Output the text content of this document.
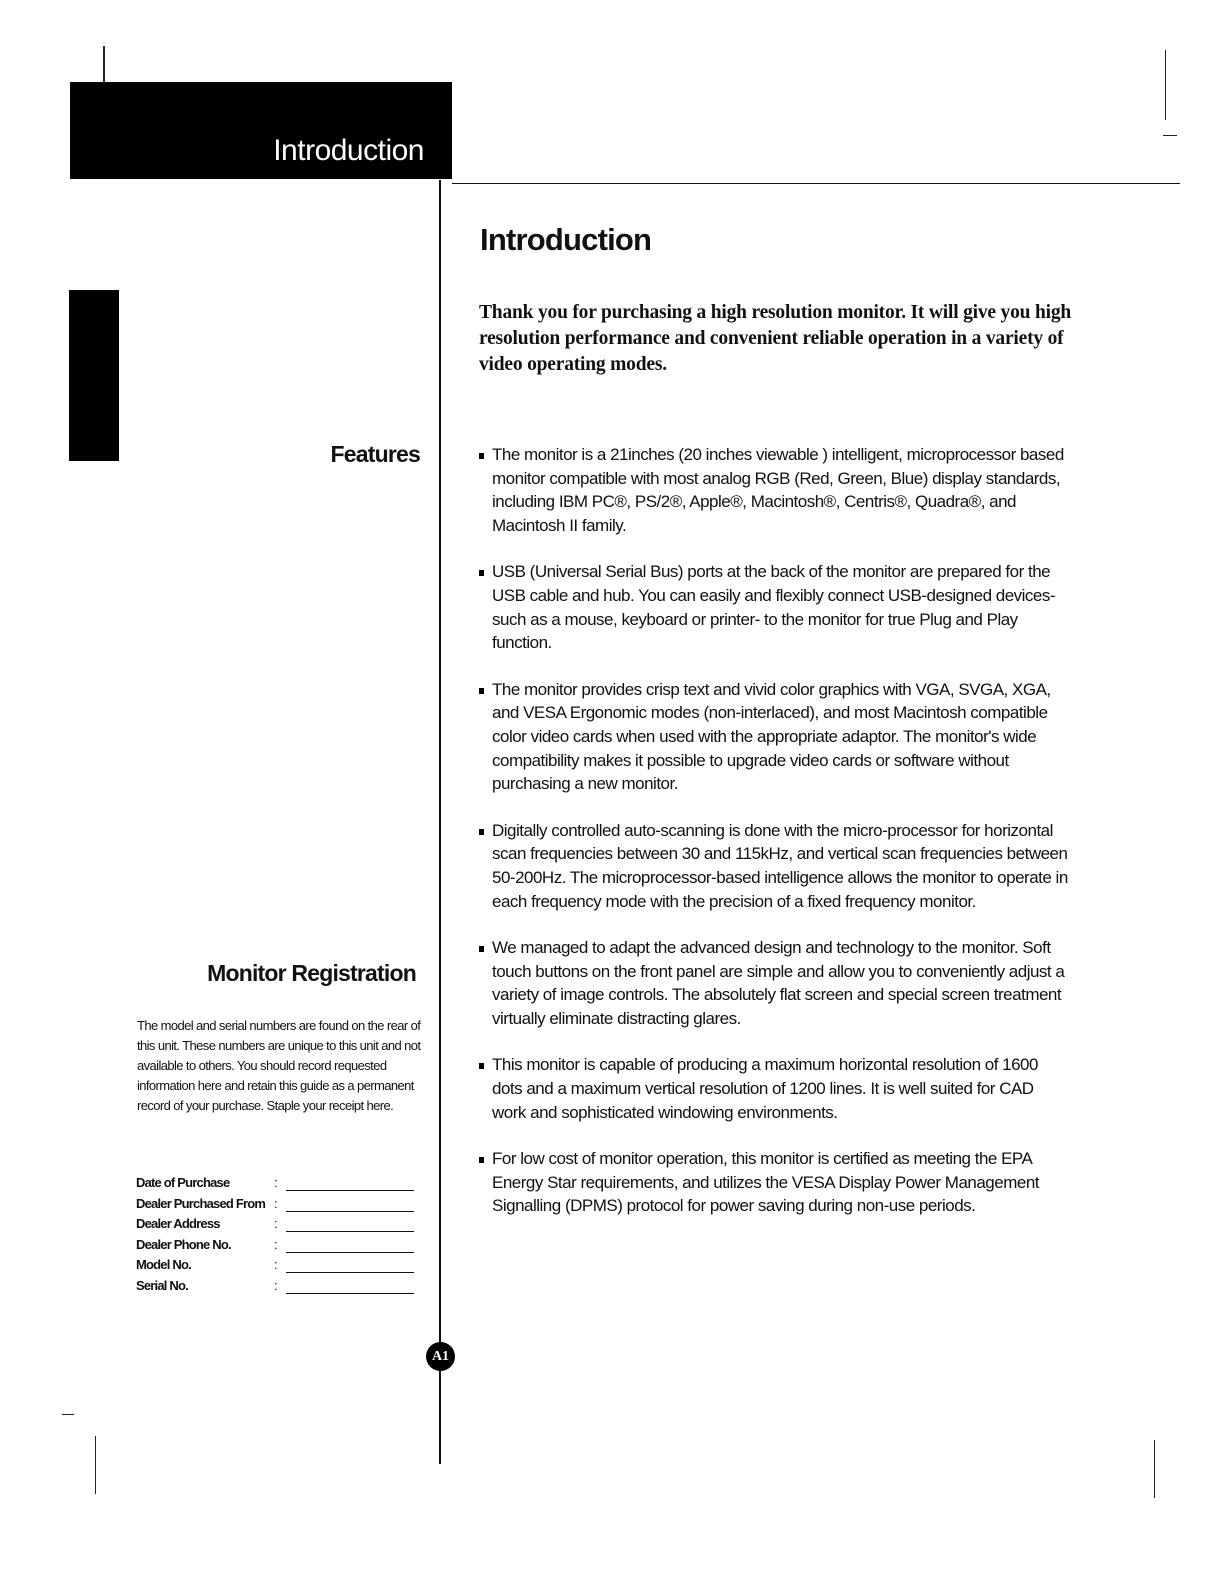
Introduction
Introduction
Thank you for purchasing a high resolution monitor. It will give you high resolution performance and convenient reliable operation in a variety of video operating modes.
Features	The monitor is a 21inches (20 inches viewable ) intelligent, microprocessor based monitor compatible with most analog RGB (Red, Green, Blue) display standards, including IBM PC®, PS/2®, Apple®, Macintosh®, Centris®, Quadra®, and Macintosh II family.
USB (Universal Serial Bus) ports at the back of the monitor are prepared for the USB cable and hub. You can easily and flexibly connect USB-designed devices-such as a mouse, keyboard or printer- to the monitor for true Plug and Play function.
The monitor provides crisp text and vivid color graphics with VGA, SVGA, XGA, and VESA Ergonomic modes (non-interlaced), and most Macintosh compatible color video cards when used with the appropriate adaptor. The monitor's wide compatibility makes it possible to upgrade video cards or software without purchasing a new monitor.
Digitally controlled auto-scanning is done with the micro-processor for horizontal scan frequencies between 30 and 115kHz, and vertical scan frequencies between 50-200Hz. The microprocessor-based intelligence allows the monitor to operate in each frequency mode with the precision of a fixed frequency monitor.
We managed to adapt the advanced design and technology to the monitor. Soft touch buttons on the front panel are simple and allow you to conveniently adjust a variety of image controls. The absolutely flat screen and special screen treatment virtually eliminate distracting glares.
This monitor is capable of producing a maximum horizontal resolution of 1600 dots and a maximum vertical resolution of 1200 lines. It is well suited for CAD work and sophisticated windowing environments.
For low cost of monitor operation, this monitor is certified as meeting the EPA Energy Star requirements, and utilizes the VESA Display Power Management Signalling (DPMS) protocol for power saving during non-use periods.
Monitor Registration
The model and serial numbers are found on the rear of this unit. These numbers are unique to this unit and not available to others. You should record requested information here and retain this guide as a permanent record of your purchase. Staple your receipt here.
Date of Purchase	:
Dealer Purchased From :
Dealer Address	:
Dealer Phone No.	:
Model No.	:
Serial No.	:
A1
